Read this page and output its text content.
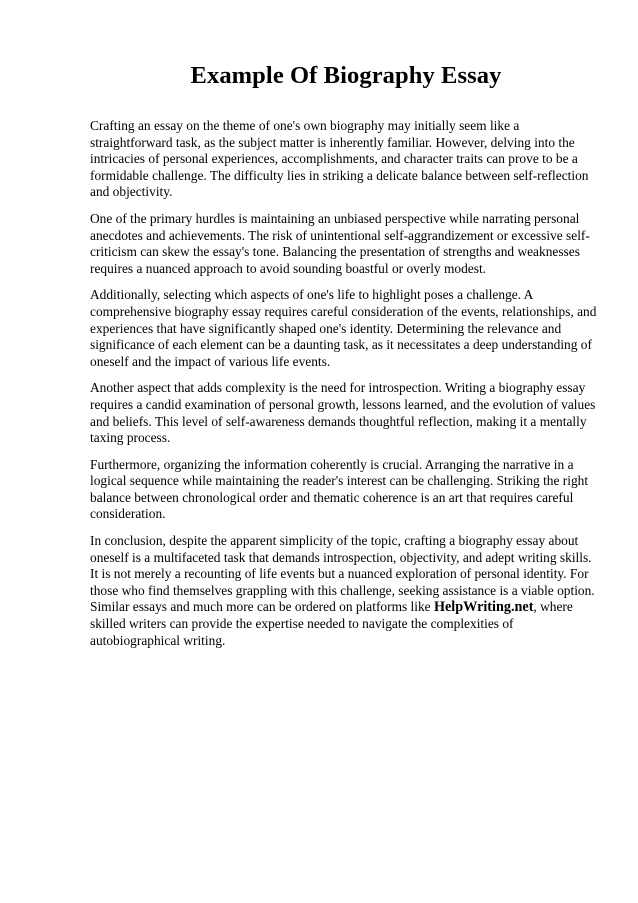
Example Of Biography Essay

Crafting an essay on the theme of one's own biography may initially seem like a straightforward task, as the subject matter is inherently familiar. However, delving into the intricacies of personal experiences, accomplishments, and character traits can prove to be a formidable challenge. The difficulty lies in striking a delicate balance between self-reflection and objectivity.

One of the primary hurdles is maintaining an unbiased perspective while narrating personal anecdotes and achievements. The risk of unintentional self-aggrandizement or excessive self-criticism can skew the essay's tone. Balancing the presentation of strengths and weaknesses requires a nuanced approach to avoid sounding boastful or overly modest.

Additionally, selecting which aspects of one's life to highlight poses a challenge. A comprehensive biography essay requires careful consideration of the events, relationships, and experiences that have significantly shaped one's identity. Determining the relevance and significance of each element can be a daunting task, as it necessitates a deep understanding of oneself and the impact of various life events.

Another aspect that adds complexity is the need for introspection. Writing a biography essay requires a candid examination of personal growth, lessons learned, and the evolution of values and beliefs. This level of self-awareness demands thoughtful reflection, making it a mentally taxing process.

Furthermore, organizing the information coherently is crucial. Arranging the narrative in a logical sequence while maintaining the reader's interest can be challenging. Striking the right balance between chronological order and thematic coherence is an art that requires careful consideration.

In conclusion, despite the apparent simplicity of the topic, crafting a biography essay about oneself is a multifaceted task that demands introspection, objectivity, and adept writing skills. It is not merely a recounting of life events but a nuanced exploration of personal identity. For those who find themselves grappling with this challenge, seeking assistance is a viable option. Similar essays and much more can be ordered on platforms like HelpWriting.net, where skilled writers can provide the expertise needed to navigate the complexities of autobiographical writing.
